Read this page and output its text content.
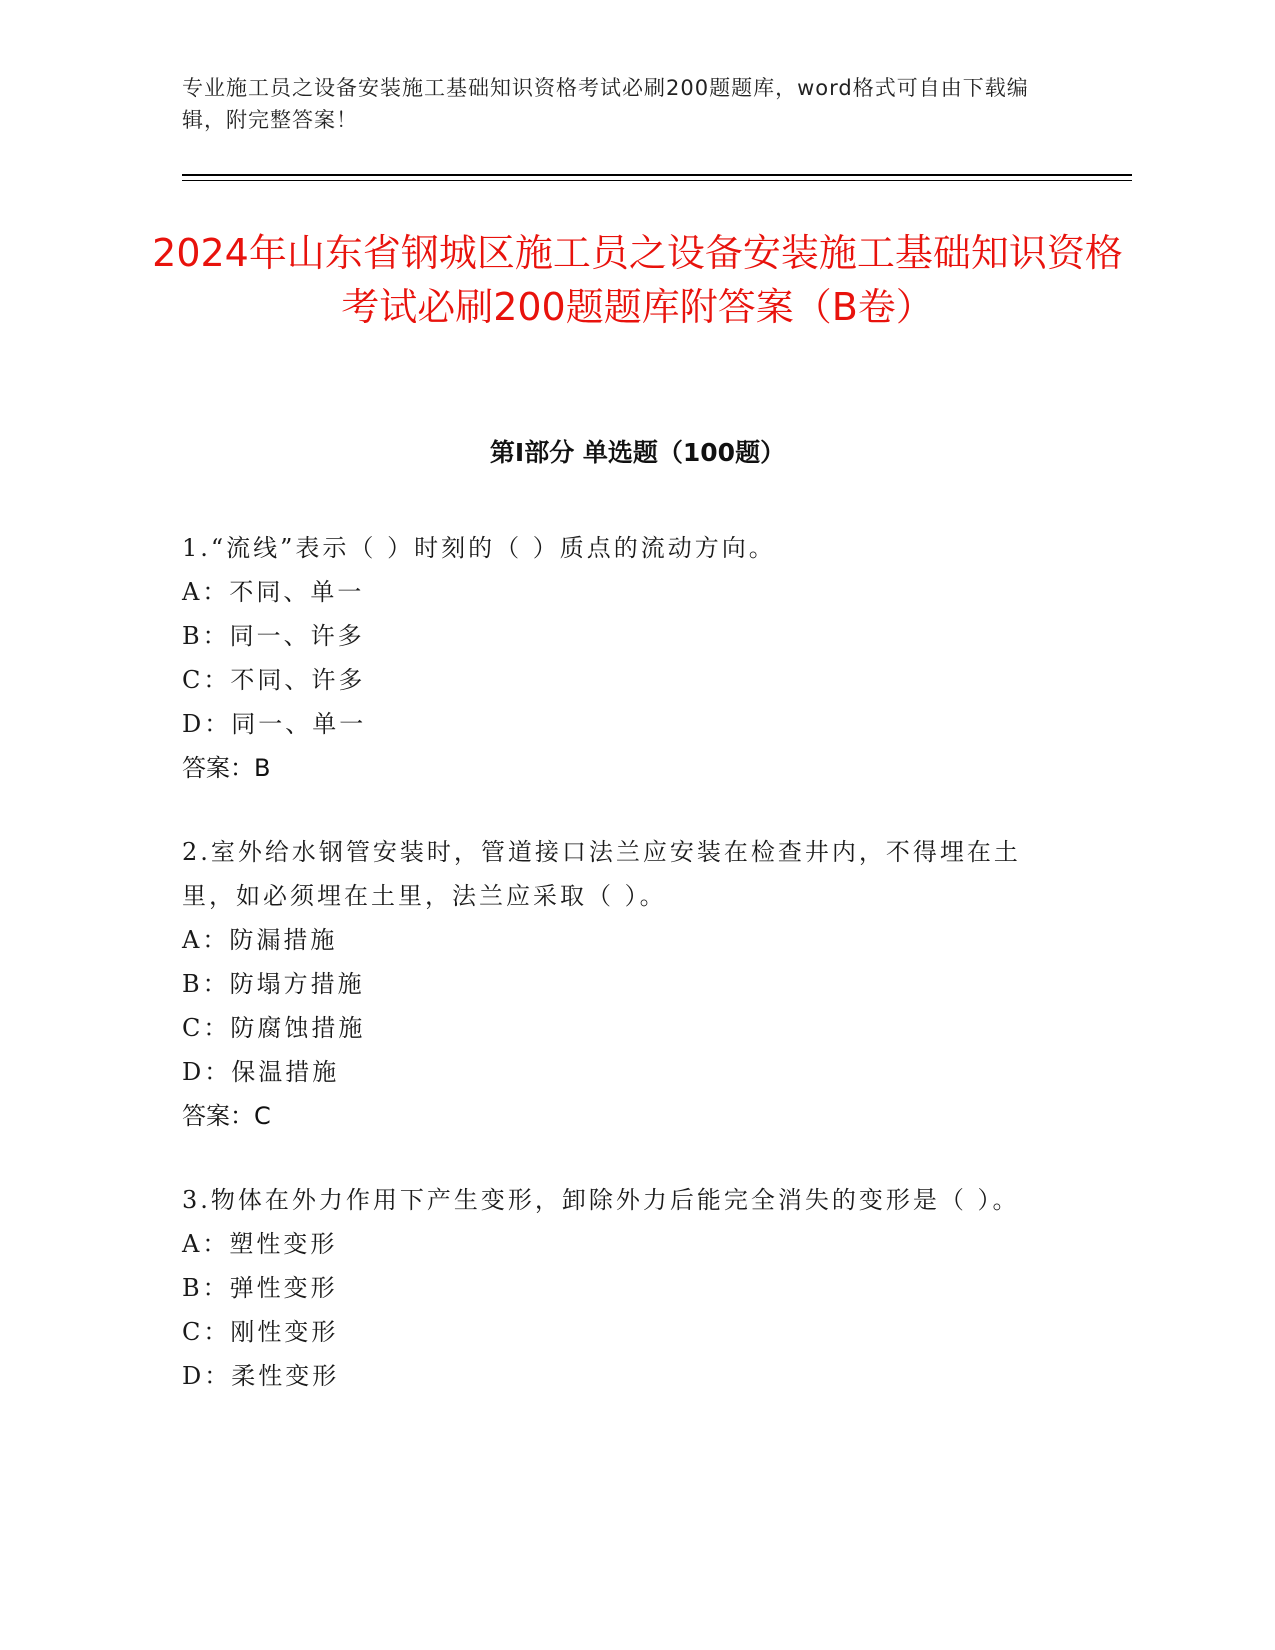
专业施工员之设备安装施工基础知识资格考试必刷200题题库，word格式可自由下载编辑，附完整答案！
2024年山东省钢城区施工员之设备安装施工基础知识资格考试必刷200题题库附答案（B卷）
第I部分 单选题（100题）
1.“流线”表示（ ）时刻的（ ）质点的流动方向。
A：不同、单一
B：同一、许多
C：不同、许多
D：同一、单一
答案：B
2.室外给水钢管安装时，管道接口法兰应安装在检查井内，不得埋在土里，如必须埋在土里，法兰应采取（ ）。
A：防漏措施
B：防塌方措施
C：防腐蚀措施
D：保温措施
答案：C
3.物体在外力作用下产生变形，卸除外力后能完全消失的变形是（ ）。
A：塑性变形
B：弹性变形
C：刚性变形
D：柔性变形
